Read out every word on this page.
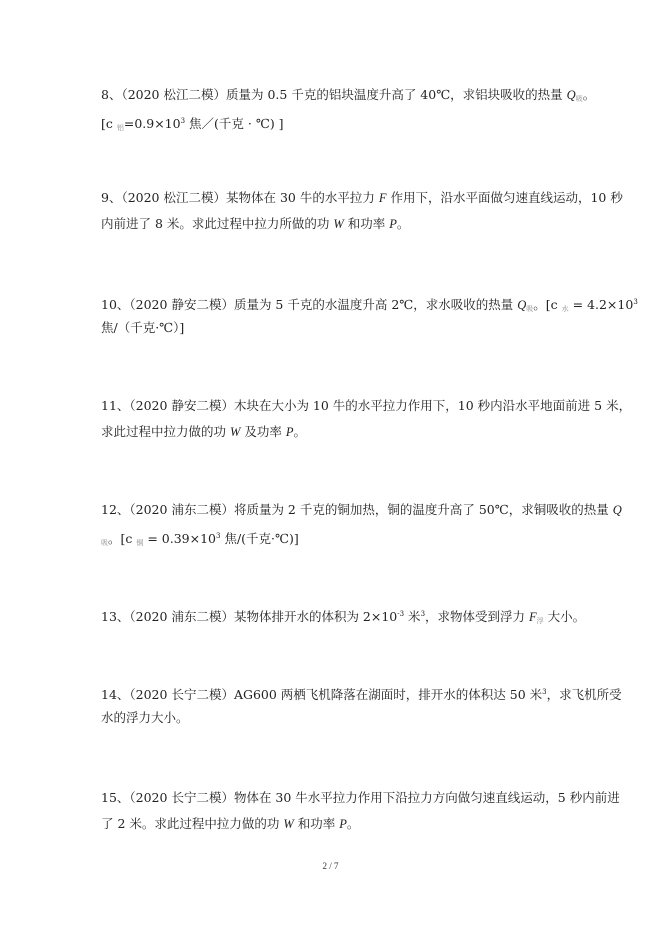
8、（2020 松江二模）质量为 0.5 千克的铝块温度升高了 40℃，求铝块吸收的热量 $Q_吸$。
[c $_铝=0.9\times 10^3$ 焦／(千克 · ℃) ]
9、（2020 松江二模）某物体在 30 牛的水平拉力 F 作用下，沿水平面做匀速直线运动，10 秒
内前进了 8 米。求此过程中拉力所做的功 W 和功率 P。
10、（2020 静安二模）质量为 5 千克的水温度升高 2℃，求水吸收的热量 $Q_吸$。[c $_水 = 4.2\times 10^3$
焦/（千克·℃）]
11、（2020 静安二模）木块在大小为 10 牛的水平拉力作用下，10 秒内沿水平地面前进 5 米，
求此过程中拉力做的功 W 及功率 P。
12、（2020 浦东二模）将质量为 2 千克的铜加热，铜的温度升高了 50℃，求铜吸收的热量 Q
$_吸$。[c $_铜 = 0.39\times 10^3$ 焦/(千克·℃)]
13、（2020 浦东二模）某物体排开水的体积为 $2\times 10^{-3}$ 米$^3$，求物体受到浮力 $F_浮$ 大小。
14、（2020 长宁二模）AG600 两栖飞机降落在湖面时，排开水的体积达 50 米$^3$，求飞机所受
水的浮力大小。
15、（2020 长宁二模）物体在 30 牛水平拉力作用下沿拉力方向做匀速直线运动，5 秒内前进
了 2 米。求此过程中拉力做的功 W 和功率 P。
2 / 7
